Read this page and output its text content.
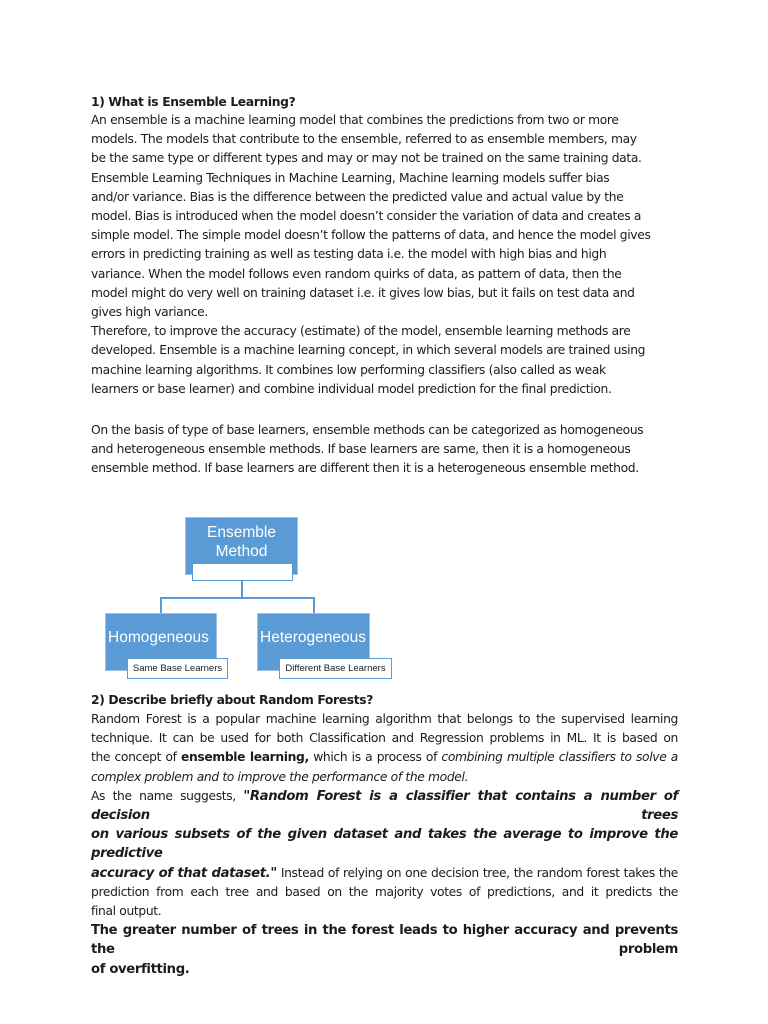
1) What is Ensemble Learning?
An ensemble is a machine learning model that combines the predictions from two or more
models. The models that contribute to the ensemble, referred to as ensemble members, may
be the same type or different types and may or may not be trained on the same training data.
Ensemble Learning Techniques in Machine Learning, Machine learning models suffer bias
and/or variance. Bias is the difference between the predicted value and actual value by the
model. Bias is introduced when the model doesn’t consider the variation of data and creates a
simple model. The simple model doesn’t follow the patterns of data, and hence the model gives
errors in predicting training as well as testing data i.e. the model with high bias and high
variance. When the model follows even random quirks of data, as pattern of data, then the
model might do very well on training dataset i.e. it gives low bias, but it fails on test data and
gives high variance.
Therefore, to improve the accuracy (estimate) of the model, ensemble learning methods are
developed. Ensemble is a machine learning concept, in which several models are trained using
machine learning algorithms. It combines low performing classifiers (also called as weak
learners or base learner) and combine individual model prediction for the final prediction.
On the basis of type of base learners, ensemble methods can be categorized as homogeneous
and heterogeneous ensemble methods. If base learners are same, then it is a homogeneous
ensemble method. If base learners are different then it is a heterogeneous ensemble method.
Ensemble
Method
Homogeneous
Same Base Learners
Heterogeneous
Different Base Learners
2) Describe briefly about Random Forests?
Random Forest is a popular machine learning algorithm that belongs to the supervised learning
technique. It can be used for both Classification and Regression problems in ML. It is based on
the concept of ensemble learning, which is a process of combining multiple classifiers to solve a
complex problem and to improve the performance of the model.
As the name suggests, "Random Forest is a classifier that contains a number of decision trees
on various subsets of the given dataset and takes the average to improve the predictive
accuracy of that dataset." Instead of relying on one decision tree, the random forest takes the
prediction from each tree and based on the majority votes of predictions, and it predicts the
final output.
The greater number of trees in the forest leads to higher accuracy and prevents the problem
of overfitting.
